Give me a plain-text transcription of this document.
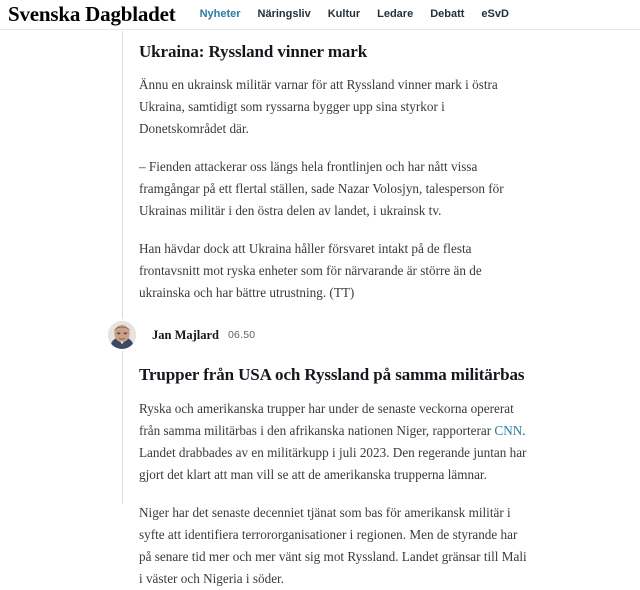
Svenska Dagbladet Nyheter Näringsliv Kultur Ledare Debatt eSvD
Ukraina: Ryssland vinner mark

Ännu en ukrainsk militär varnar för att Ryssland vinner mark i östra Ukraina, samtidigt som ryssarna bygger upp sina styrkor i Donetskområdet där.

– Fienden attackerar oss längs hela frontlinjen och har nått vissa framgångar på ett flertal ställen, sade Nazar Volosjyn, talesperson för Ukrainas militär i den östra delen av landet, i ukrainsk tv.

Han hävdar dock att Ukraina håller försvaret intakt på de flesta frontavsnitt mot ryska enheter som för närvarande är större än de ukrainska och har bättre utrustning. (TT)

Jan Majlard 06.50
Trupper från USA och Ryssland på samma militärbas

Ryska och amerikanska trupper har under de senaste veckorna opererat från samma militärbas i den afrikanska nationen Niger, rapporterar CNN. Landet drabbades av en militärkupp i juli 2023. Den regerande juntan har gjort det klart att man vill se att de amerikanska trupperna lämnar.

Niger har det senaste decenniet tjänat som bas för amerikansk militär i syfte att identifiera terrororganisationer i regionen. Men de styrande har på senare tid mer och mer vänt sig mot Ryssland. Landet gränsar till Mali i väster och Nigeria i söder.
